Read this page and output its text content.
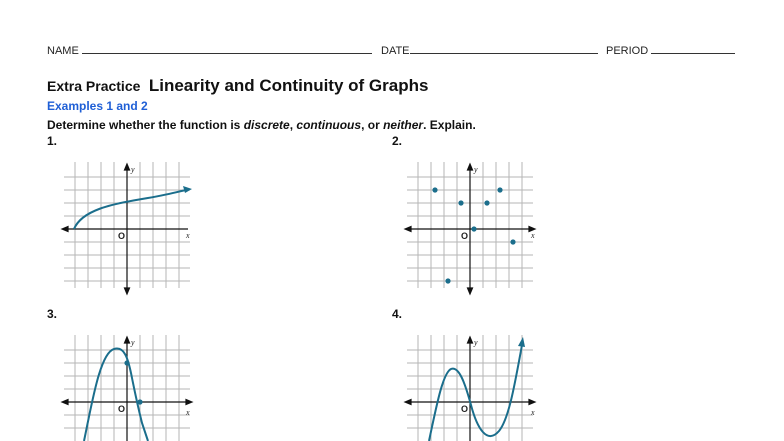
NAME	DATE	PERIOD
Extra Practice Linearity and Continuity of Graphs
Examples 1 and 2
Determine whether the function is discrete, continuous, or neither. Explain.
1.	2.
3.	4.
y
x
O
y
x
O
y
x
O
y
x
O
